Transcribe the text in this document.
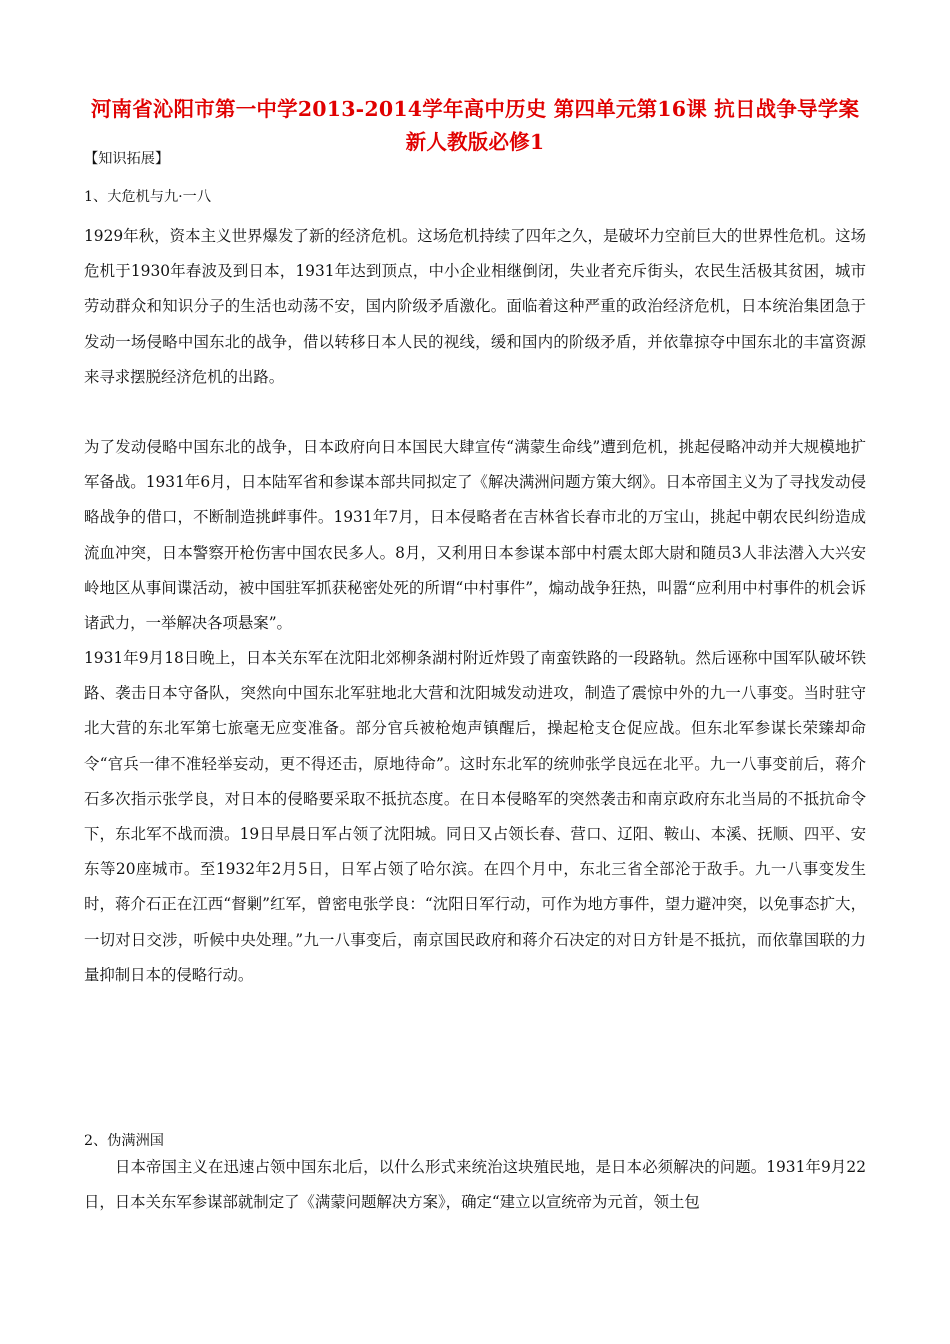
河南省沁阳市第一中学2013-2014学年高中历史 第四单元第16课 抗日战争导学案 新人教版必修1

【知识拓展】

1、大危机与九·一八

1929年秋，资本主义世界爆发了新的经济危机。这场危机持续了四年之久，是破坏力空前巨大的世界性危机。这场危机于1930年春波及到日本，1931年达到顶点，中小企业相继倒闭，失业者充斥街头，农民生活极其贫困，城市劳动群众和知识分子的生活也动荡不安，国内阶级矛盾激化。面临着这种严重的政治经济危机，日本统治集团急于发动一场侵略中国东北的战争，借以转移日本人民的视线，缓和国内的阶级矛盾，并依靠掠夺中国东北的丰富资源来寻求摆脱经济危机的出路。

为了发动侵略中国东北的战争，日本政府向日本国民大肆宣传“满蒙生命线”遭到危机，挑起侵略冲动并大规模地扩军备战。1931年6月，日本陆军省和参谋本部共同拟定了《解决满洲问题方策大纲》。日本帝国主义为了寻找发动侵略战争的借口，不断制造挑衅事件。1931年7月，日本侵略者在吉林省长春市北的万宝山，挑起中朝农民纠纷造成流血冲突，日本警察开枪伤害中国农民多人。8月，又利用日本参谋本部中村震太郎大尉和随员3人非法潜入大兴安岭地区从事间谍活动，被中国驻军抓获秘密处死的所谓“中村事件”，煽动战争狂热，叫嚣“应利用中村事件的机会诉诸武力，一举解决各项悬案”。

1931年9月18日晚上，日本关东军在沈阳北郊柳条湖村附近炸毁了南蛮铁路的一段路轨。然后诬称中国军队破坏铁路、袭击日本守备队，突然向中国东北军驻地北大营和沈阳城发动进攻，制造了震惊中外的九一八事变。当时驻守北大营的东北军第七旅毫无应变准备。部分官兵被枪炮声镇醒后，操起枪支仓促应战。但东北军参谋长荣臻却命令“官兵一律不准轻举妄动，更不得还击，原地待命”。这时东北军的统帅张学良远在北平。九一八事变前后，蒋介石多次指示张学良，对日本的侵略要采取不抵抗态度。在日本侵略军的突然袭击和南京政府东北当局的不抵抗命令下，东北军不战而溃。19日早晨日军占领了沈阳城。同日又占领长春、营口、辽阳、鞍山、本溪、抚顺、四平、安东等20座城市。至1932年2月5日，日军占领了哈尔滨。在四个月中，东北三省全部沦于敌手。九一八事变发生时，蒋介石正在江西“督剿”红军，曾密电张学良：“沈阳日军行动，可作为地方事件，望力避冲突，以免事态扩大，一切对日交涉，听候中央处理。”九一八事变后，南京国民政府和蒋介石决定的对日方针是不抵抗，而依靠国联的力量抑制日本的侵略行动。

2、伪满洲国

日本帝国主义在迅速占领中国东北后，以什么形式来统治这块殖民地，是日本必须解决的问题。1931年9月22日，日本关东军参谋部就制定了《满蒙问题解决方案》，确定“建立以宣统帝为元首，领土包
